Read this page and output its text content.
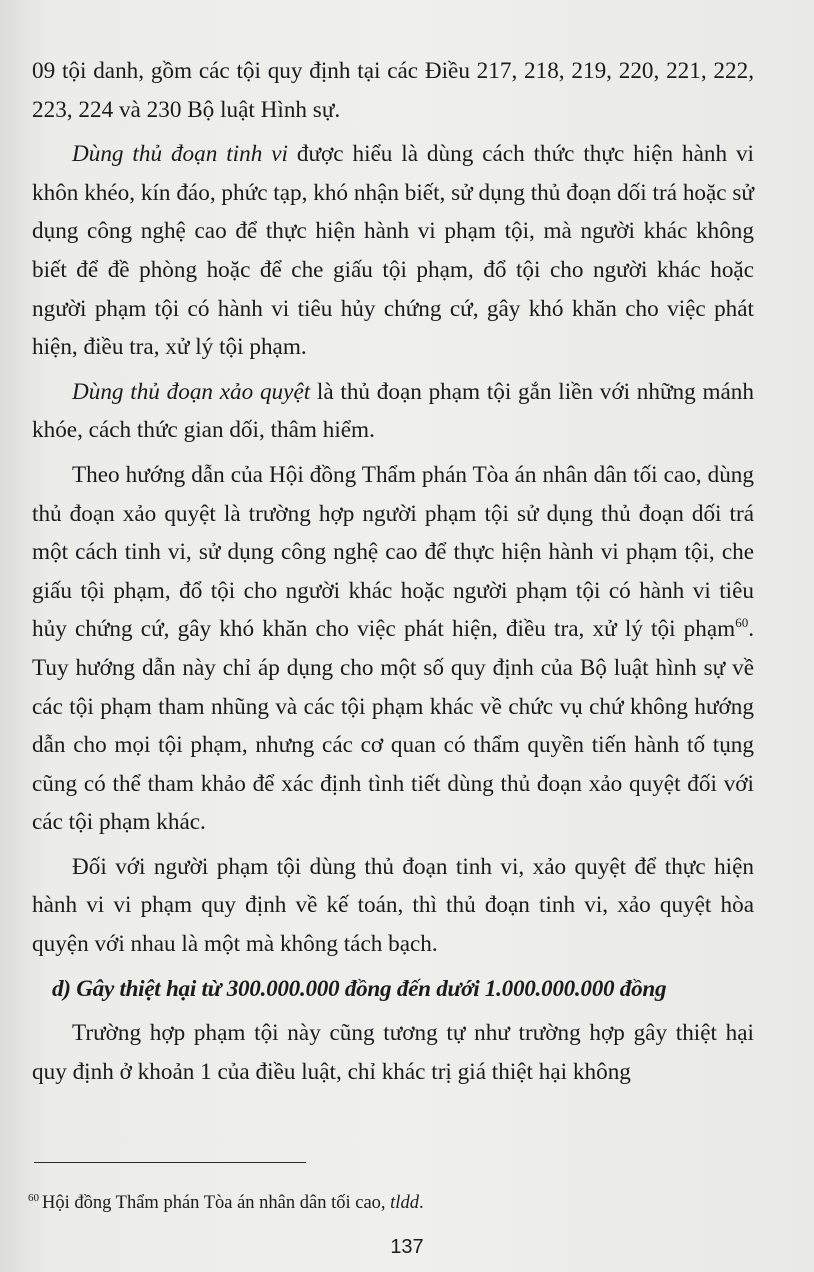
09 tội danh, gồm các tội quy định tại các Điều 217, 218, 219, 220, 221, 222, 223, 224 và 230 Bộ luật Hình sự.

Dùng thủ đoạn tinh vi được hiểu là dùng cách thức thực hiện hành vi khôn khéo, kín đáo, phức tạp, khó nhận biết, sử dụng thủ đoạn dối trá hoặc sử dụng công nghệ cao để thực hiện hành vi phạm tội, mà người khác không biết để đề phòng hoặc để che giấu tội phạm, đổ tội cho người khác hoặc người phạm tội có hành vi tiêu hủy chứng cứ, gây khó khăn cho việc phát hiện, điều tra, xử lý tội phạm.

Dùng thủ đoạn xảo quyệt là thủ đoạn phạm tội gắn liền với những mánh khóe, cách thức gian dối, thâm hiểm.

Theo hướng dẫn của Hội đồng Thẩm phán Tòa án nhân dân tối cao, dùng thủ đoạn xảo quyệt là trường hợp người phạm tội sử dụng thủ đoạn dối trá một cách tinh vi, sử dụng công nghệ cao để thực hiện hành vi phạm tội, che giấu tội phạm, đổ tội cho người khác hoặc người phạm tội có hành vi tiêu hủy chứng cứ, gây khó khăn cho việc phát hiện, điều tra, xử lý tội phạm$^{60}$. Tuy hướng dẫn này chỉ áp dụng cho một số quy định của Bộ luật hình sự về các tội phạm tham nhũng và các tội phạm khác về chức vụ chứ không hướng dẫn cho mọi tội phạm, nhưng các cơ quan có thẩm quyền tiến hành tố tụng cũng có thể tham khảo để xác định tình tiết dùng thủ đoạn xảo quyệt đối với các tội phạm khác.

Đối với người phạm tội dùng thủ đoạn tinh vi, xảo quyệt để thực hiện hành vi vi phạm quy định về kế toán, thì thủ đoạn tinh vi, xảo quyệt hòa quyện với nhau là một mà không tách bạch.

d) Gây thiệt hại từ 300.000.000 đồng đến dưới 1.000.000.000 đồng

Trường hợp phạm tội này cũng tương tự như trường hợp gây thiệt hại quy định ở khoản 1 của điều luật, chỉ khác trị giá thiệt hại không

$^{60}$ Hội đồng Thẩm phán Tòa án nhân dân tối cao, tldd.
137
